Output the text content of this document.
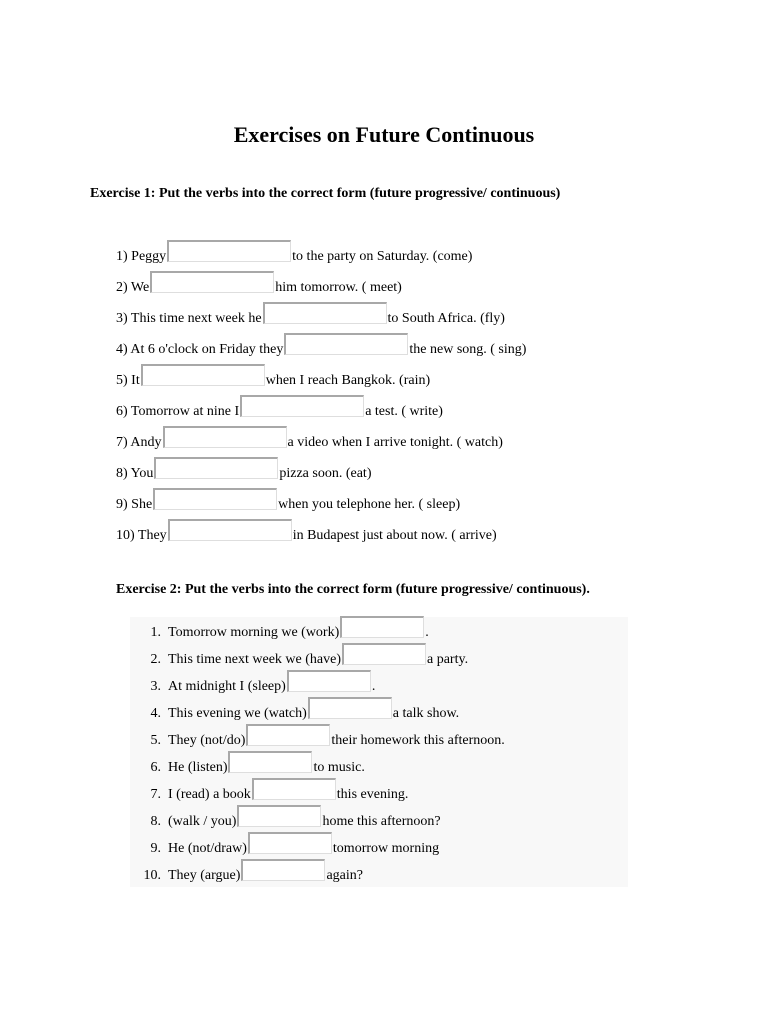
Exercises on Future Continuous

Exercise 1: Put the verbs into the correct form (future progressive/ continuous)

1) Peggy	to the party on Saturday. (come)
2) We	him tomorrow. ( meet)
3) This time next week he	to South Africa. (fly)
4) At 6 o'clock on Friday they	the new song. ( sing)
5) It	when I reach Bangkok. (rain)
6) Tomorrow at nine I	a test. ( write)
7) Andy	a video when I arrive tonight. ( watch)
8) You	pizza soon. (eat)
9) She	when you telephone her. ( sleep)
10) They	in Budapest just about now. ( arrive)

Exercise 2: Put the verbs into the correct form (future progressive/ continuous).

1.
Tomorrow morning we (work)	.
2.
This time next week we (have)	a party.
3.
At midnight I (sleep)	.
4.
This evening we (watch)	a talk show.
5.
They (not/do)	their homework this afternoon.
6.
He (listen)	to music.
7.
I (read) a book	this evening.
8.
(walk / you)	home this afternoon?
9.
He (not/draw)	tomorrow morning
10.
They (argue)	again?
